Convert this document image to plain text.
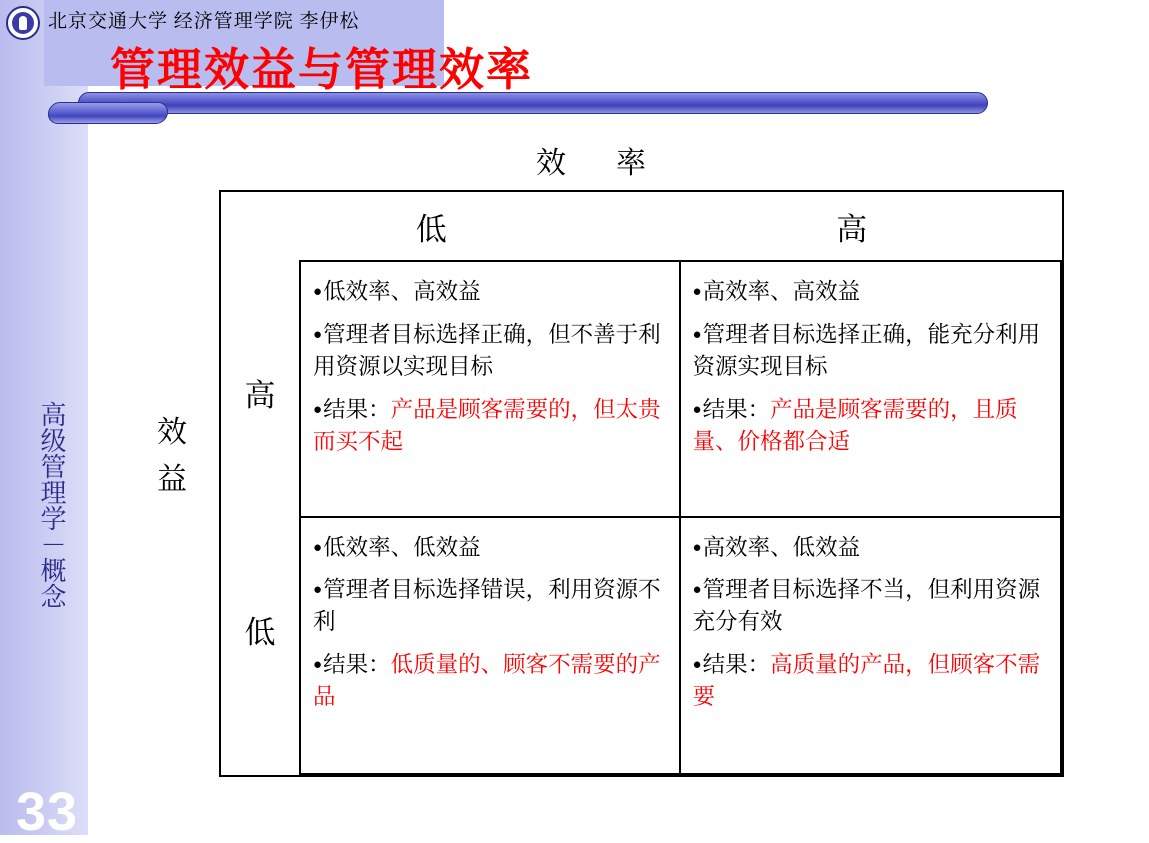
高级管理学－概念
33
北京交通大学 经济管理学院 李伊松
管理效益与管理效率
效　率
效
益
低	高
高
低

●低效率、高效益

●管理者目标选择正确，但不善于利用资源以实现目标

●结果：产品是顾客需要的，但太贵而买不起

●高效率、高效益

●管理者目标选择正确，能充分利用资源实现目标

●结果：产品是顾客需要的，且质量、价格都合适

●低效率、低效益

●管理者目标选择错误，利用资源不利

●结果：低质量的、顾客不需要的产品

●高效率、低效益

●管理者目标选择不当，但利用资源充分有效

●结果：高质量的产品，但顾客不需要
